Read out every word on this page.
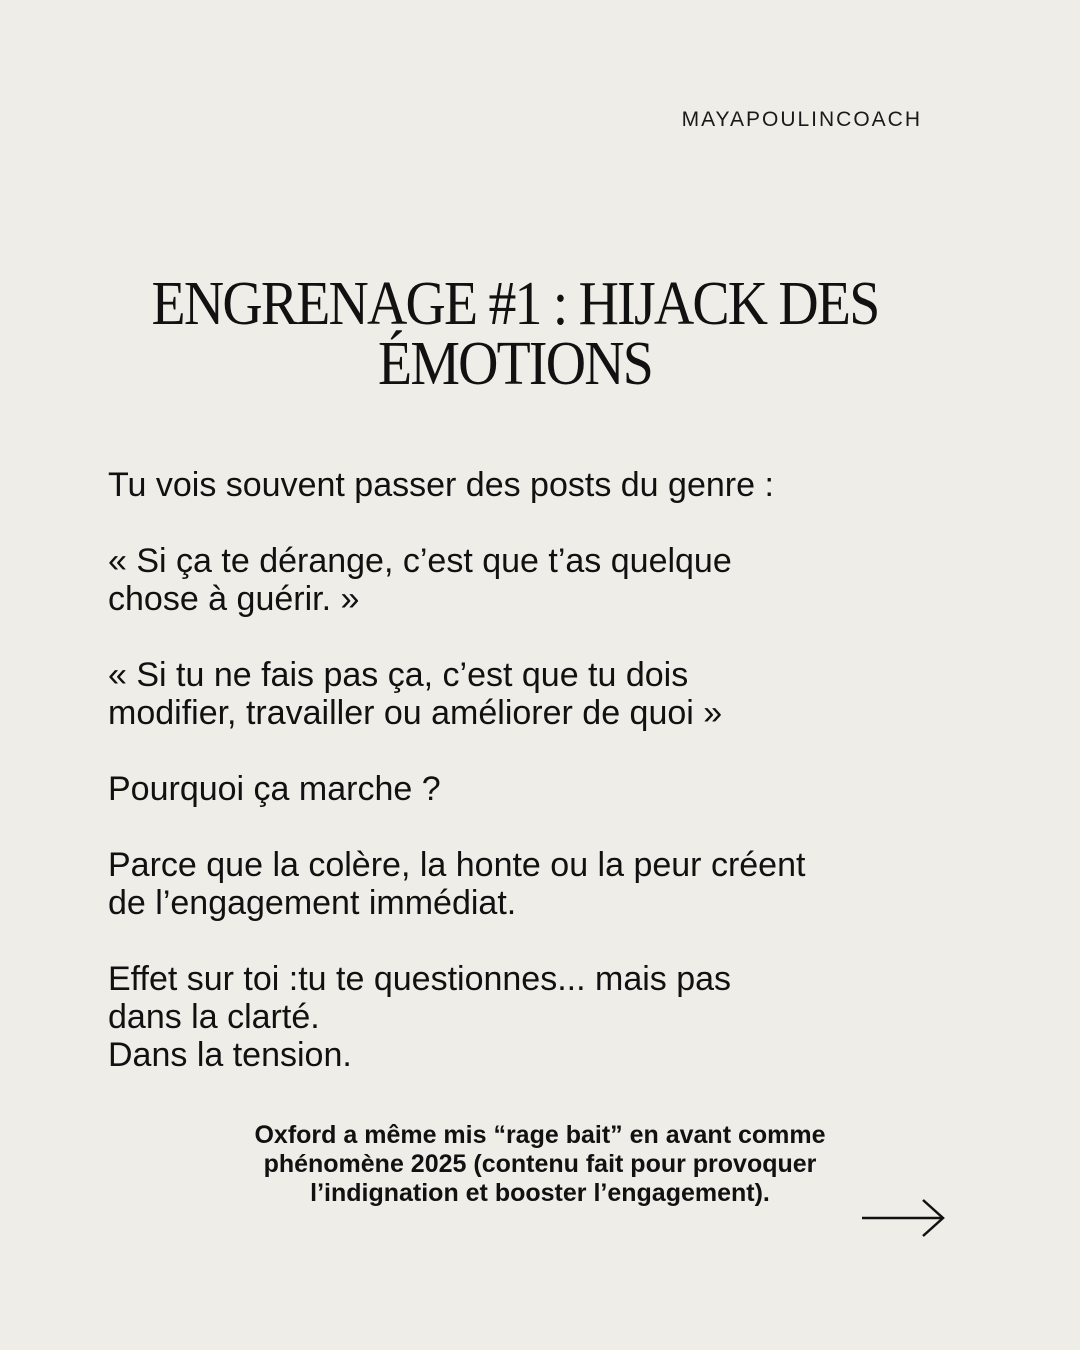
MAYAPOULINCOACH
ENGRENAGE #1 : HIJACK DES
ÉMOTIONS

Tu vois souvent passer des posts du genre :

« Si ça te dérange, c’est que t’as quelque
chose à guérir. »

« Si tu ne fais pas ça, c’est que tu dois
modifier, travailler ou améliorer de quoi »

Pourquoi ça marche ?

Parce que la colère, la honte ou la peur créent
de l’engagement immédiat.

Effet sur toi :tu te questionnes... mais pas
dans la clarté.
Dans la tension.

Oxford a même mis “rage bait” en avant comme
phénomène 2025 (contenu fait pour provoquer
l’indignation et booster l’engagement).
